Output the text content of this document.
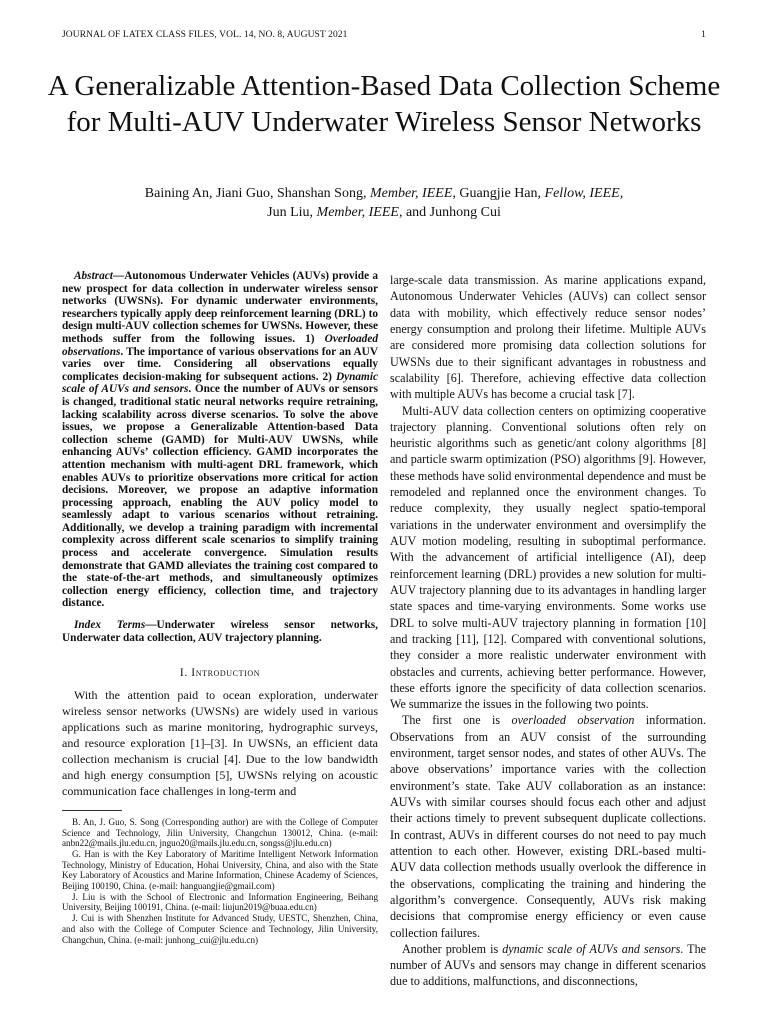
JOURNAL OF LATEX CLASS FILES, VOL. 14, NO. 8, AUGUST 2021	1
A Generalizable Attention-Based Data Collection Scheme for Multi-AUV Underwater Wireless Sensor Networks
Baining An, Jiani Guo, Shanshan Song, Member, IEEE, Guangjie Han, Fellow, IEEE,
Jun Liu, Member, IEEE, and Junhong Cui

Abstract—Autonomous Underwater Vehicles (AUVs) provide a new prospect for data collection in underwater wireless sensor networks (UWSNs). For dynamic underwater environments, researchers typically apply deep reinforcement learning (DRL) to design multi-AUV collection schemes for UWSNs. However, these methods suffer from the following issues. 1) Overloaded observations. The importance of various observations for an AUV varies over time. Considering all observations equally complicates decision-making for subsequent actions. 2) Dynamic scale of AUVs and sensors. Once the number of AUVs or sensors is changed, traditional static neural networks require retraining, lacking scalability across diverse scenarios. To solve the above issues, we propose a Generalizable Attention-based Data collection scheme (GAMD) for Multi-AUV UWSNs, while enhancing AUVs’ collection efficiency. GAMD incorporates the attention mechanism with multi-agent DRL framework, which enables AUVs to prioritize observations more critical for action decisions. Moreover, we propose an adaptive information processing approach, enabling the AUV policy model to seamlessly adapt to various scenarios without retraining. Additionally, we develop a training paradigm with incremental complexity across different scale scenarios to simplify training process and accelerate convergence. Simulation results demonstrate that GAMD alleviates the training cost compared to the state-of-the-art methods, and simultaneously optimizes collection energy efficiency, collection time, and trajectory distance.

Index Terms—Underwater wireless sensor networks, Underwater data collection, AUV trajectory planning.

I. Introduction

With the attention paid to ocean exploration, underwater wireless sensor networks (UWSNs) are widely used in various applications such as marine monitoring, hydrographic surveys, and resource exploration [1]–[3]. In UWSNs, an efficient data collection mechanism is crucial [4]. Due to the low bandwidth and high energy consumption [5], UWSNs relying on acoustic communication face challenges in long-term and

B. An, J. Guo, S. Song (Corresponding author) are with the College of Computer Science and Technology, Jilin University, Changchun 130012, China. (e-mail: anbn22@mails.jlu.edu.cn, jnguo20@mails.jlu.edu.cn, songss@jlu.edu.cn)

G. Han is with the Key Laboratory of Maritime Intelligent Network Information Technology, Ministry of Education, Hohai University, China, and also with the State Key Laboratory of Acoustics and Marine Information, Chinese Academy of Sciences, Beijing 100190, China. (e-mail: hanguangjie@gmail.com)

J. Liu is with the School of Electronic and Information Engineering, Beihang University, Beijing 100191, China. (e-mail: liujun2019@buaa.edu.cn)

J. Cui is with Shenzhen Institute for Advanced Study, UESTC, Shenzhen, China, and also with the College of Computer Science and Technology, Jilin University, Changchun, China. (e-mail: junhong_cui@jlu.edu.cn)

large-scale data transmission. As marine applications expand, Autonomous Underwater Vehicles (AUVs) can collect sensor data with mobility, which effectively reduce sensor nodes’ energy consumption and prolong their lifetime. Multiple AUVs are considered more promising data collection solutions for UWSNs due to their significant advantages in robustness and scalability [6]. Therefore, achieving effective data collection with multiple AUVs has become a crucial task [7].

Multi-AUV data collection centers on optimizing cooperative trajectory planning. Conventional solutions often rely on heuristic algorithms such as genetic/ant colony algorithms [8] and particle swarm optimization (PSO) algorithms [9]. However, these methods have solid environmental dependence and must be remodeled and replanned once the environment changes. To reduce complexity, they usually neglect spatio-temporal variations in the underwater environment and oversimplify the AUV motion modeling, resulting in suboptimal performance. With the advancement of artificial intelligence (AI), deep reinforcement learning (DRL) provides a new solution for multi-AUV trajectory planning due to its advantages in handling larger state spaces and time-varying environments. Some works use DRL to solve multi-AUV trajectory planning in formation [10] and tracking [11], [12]. Compared with conventional solutions, they consider a more realistic underwater environment with obstacles and currents, achieving better performance. However, these efforts ignore the specificity of data collection scenarios. We summarize the issues in the following two points.

The first one is overloaded observation information. Observations from an AUV consist of the surrounding environment, target sensor nodes, and states of other AUVs. The above observations’ importance varies with the collection environment’s state. Take AUV collaboration as an instance: AUVs with similar courses should focus each other and adjust their actions timely to prevent subsequent duplicate collections. In contrast, AUVs in different courses do not need to pay much attention to each other. However, existing DRL-based multi-AUV data collection methods usually overlook the difference in the observations, complicating the training and hindering the algorithm’s convergence. Consequently, AUVs risk making decisions that compromise energy efficiency or even cause collection failures.

Another problem is dynamic scale of AUVs and sensors. The number of AUVs and sensors may change in different scenarios due to additions, malfunctions, and disconnections,
